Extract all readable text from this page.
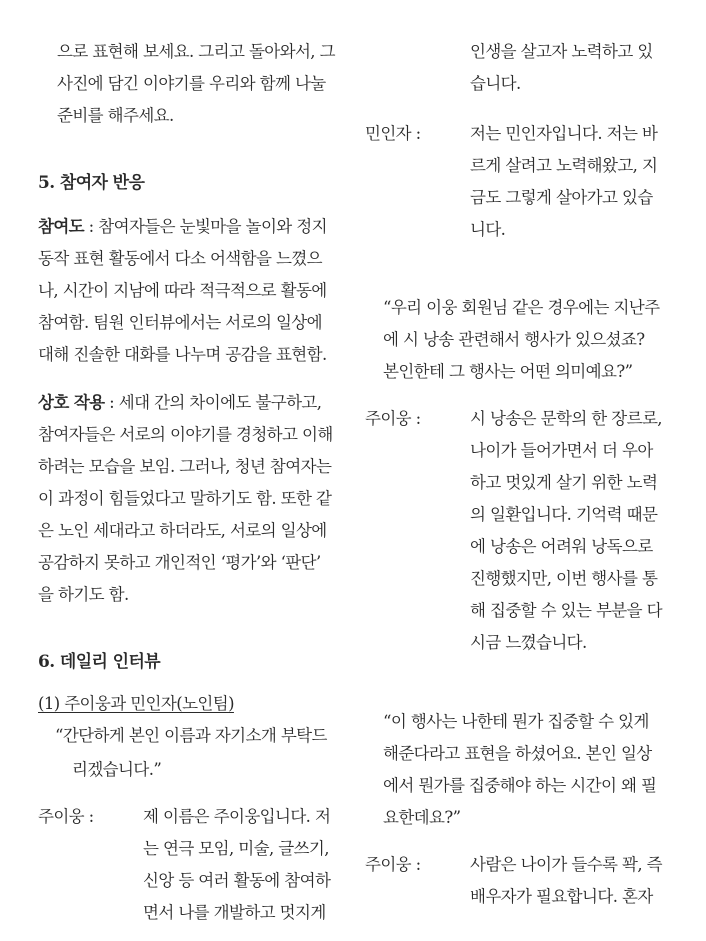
으로 표현해 보세요. 그리고 돌아와서, 그
사진에 담긴 이야기를 우리와 함께 나눌
준비를 해주세요.
5. 참여자 반응
참여도 : 참여자들은 눈빛마을 놀이와 정지
동작 표현 활동에서 다소 어색함을 느꼈으
나, 시간이 지남에 따라 적극적으로 활동에
참여함. 팀원 인터뷰에서는 서로의 일상에
대해 진솔한 대화를 나누며 공감을 표현함.
상호 작용 : 세대 간의 차이에도 불구하고,
참여자들은 서로의 이야기를 경청하고 이해
하려는 모습을 보임. 그러나, 청년 참여자는
이 과정이 힘들었다고 말하기도 함. 또한 같
은 노인 세대라고 하더라도, 서로의 일상에
공감하지 못하고 개인적인 ‘평가’와 ‘판단’
을 하기도 함.
6. 데일리 인터뷰
(1) 주이웅과 민인자(노인팀)
“간단하게 본인 이름과 자기소개 부탁드
리겠습니다.”
주이웅 :	제 이름은 주이웅입니다. 저
는 연극 모임, 미술, 글쓰기,
신앙 등 여러 활동에 참여하
면서 나를 개발하고 멋지게
인생을 살고자 노력하고 있
습니다.
민인자 :	저는 민인자입니다. 저는 바
르게 살려고 노력해왔고, 지
금도 그렇게 살아가고 있습
니다.
“우리 이웅 회원님 같은 경우에는 지난주
에 시 낭송 관련해서 행사가 있으셨죠?
본인한테 그 행사는 어떤 의미예요?”
주이웅 :	시 낭송은 문학의 한 장르로,
나이가 들어가면서 더 우아
하고 멋있게 살기 위한 노력
의 일환입니다. 기억력 때문
에 낭송은 어려워 낭독으로
진행했지만, 이번 행사를 통
해 집중할 수 있는 부분을 다
시금 느꼈습니다.
“이 행사는 나한테 뭔가 집중할 수 있게
해준다라고 표현을 하셨어요. 본인 일상
에서 뭔가를 집중해야 하는 시간이 왜 필
요한데요?”
주이웅 :	사람은 나이가 들수록 꽉, 즉
배우자가 필요합니다. 혼자
